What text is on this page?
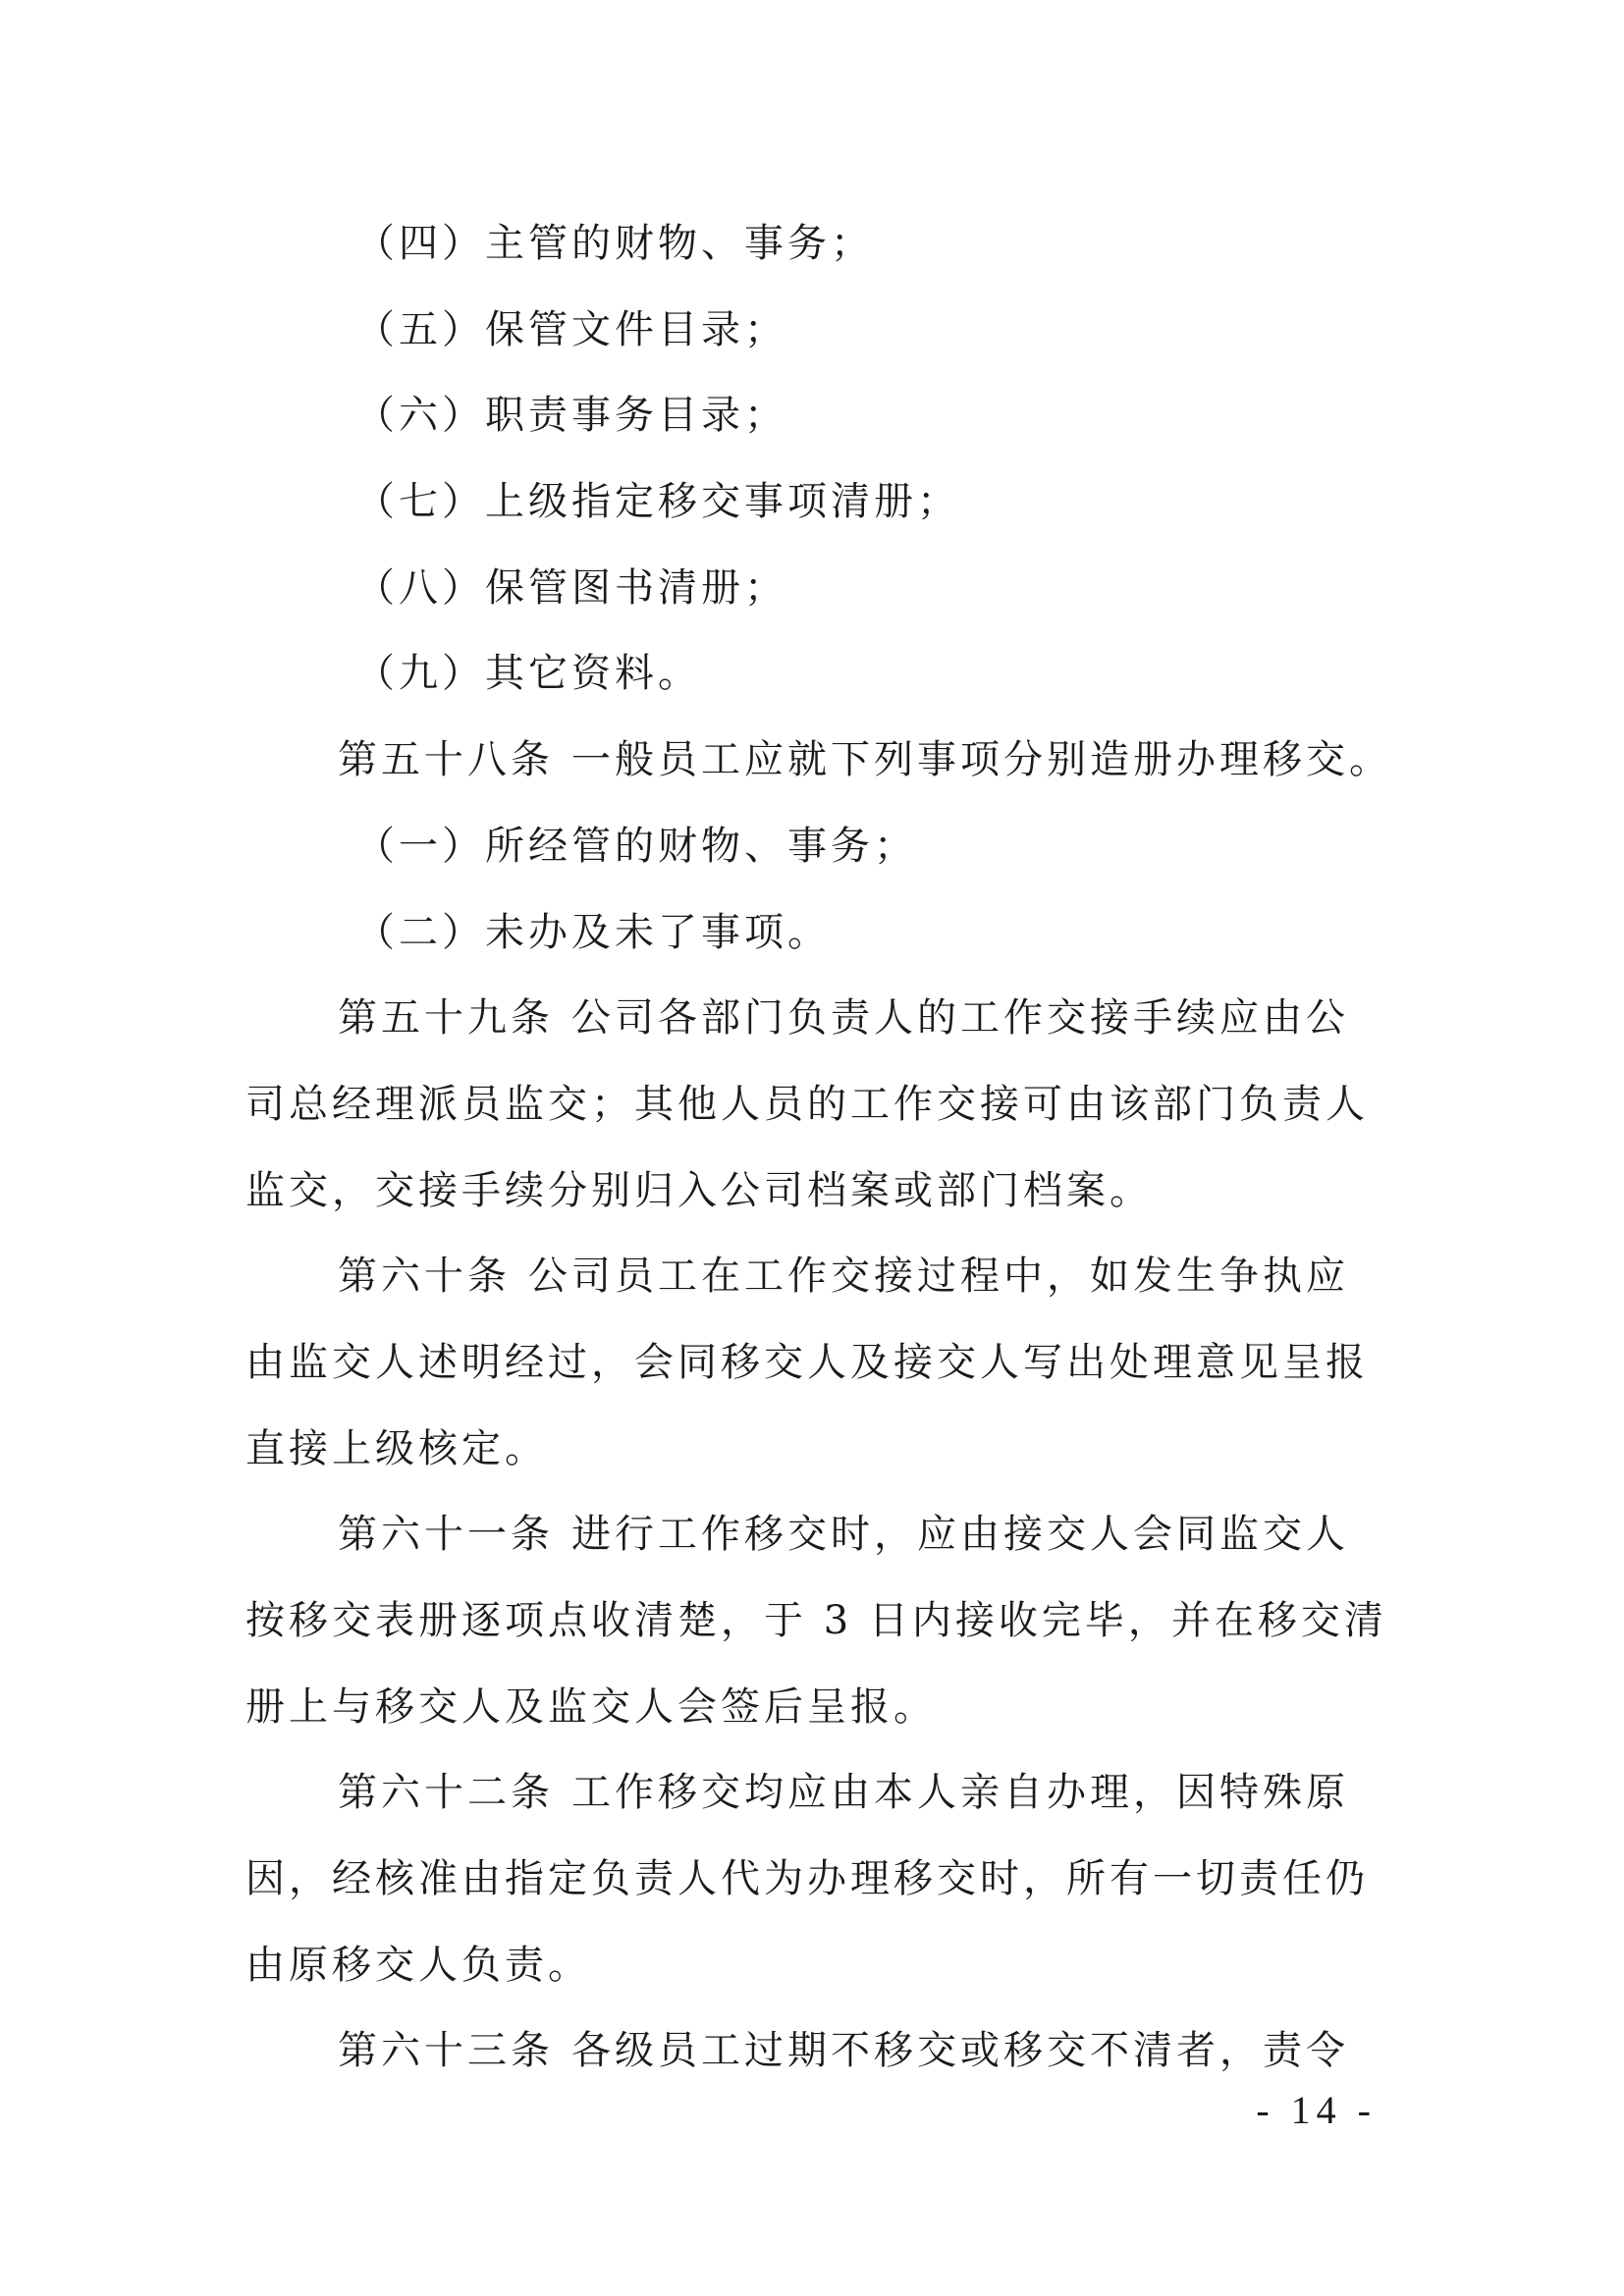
（四）主管的财物、事务；
（五）保管文件目录；
（六）职责事务目录；
（七）上级指定移交事项清册；
（八）保管图书清册；
（九）其它资料。
第五十八条 一般员工应就下列事项分别造册办理移交。
（一）所经管的财物、事务；
（二）未办及未了事项。
第五十九条 公司各部门负责人的工作交接手续应由公
司总经理派员监交；其他人员的工作交接可由该部门负责人
监交，交接手续分别归入公司档案或部门档案。
第六十条 公司员工在工作交接过程中，如发生争执应
由监交人述明经过，会同移交人及接交人写出处理意见呈报
直接上级核定。
第六十一条 进行工作移交时，应由接交人会同监交人
按移交表册逐项点收清楚，于 3 日内接收完毕，并在移交清
册上与移交人及监交人会签后呈报。
第六十二条 工作移交均应由本人亲自办理，因特殊原
因，经核准由指定负责人代为办理移交时，所有一切责任仍
由原移交人负责。
第六十三条 各级员工过期不移交或移交不清者，责令
- 14 -
